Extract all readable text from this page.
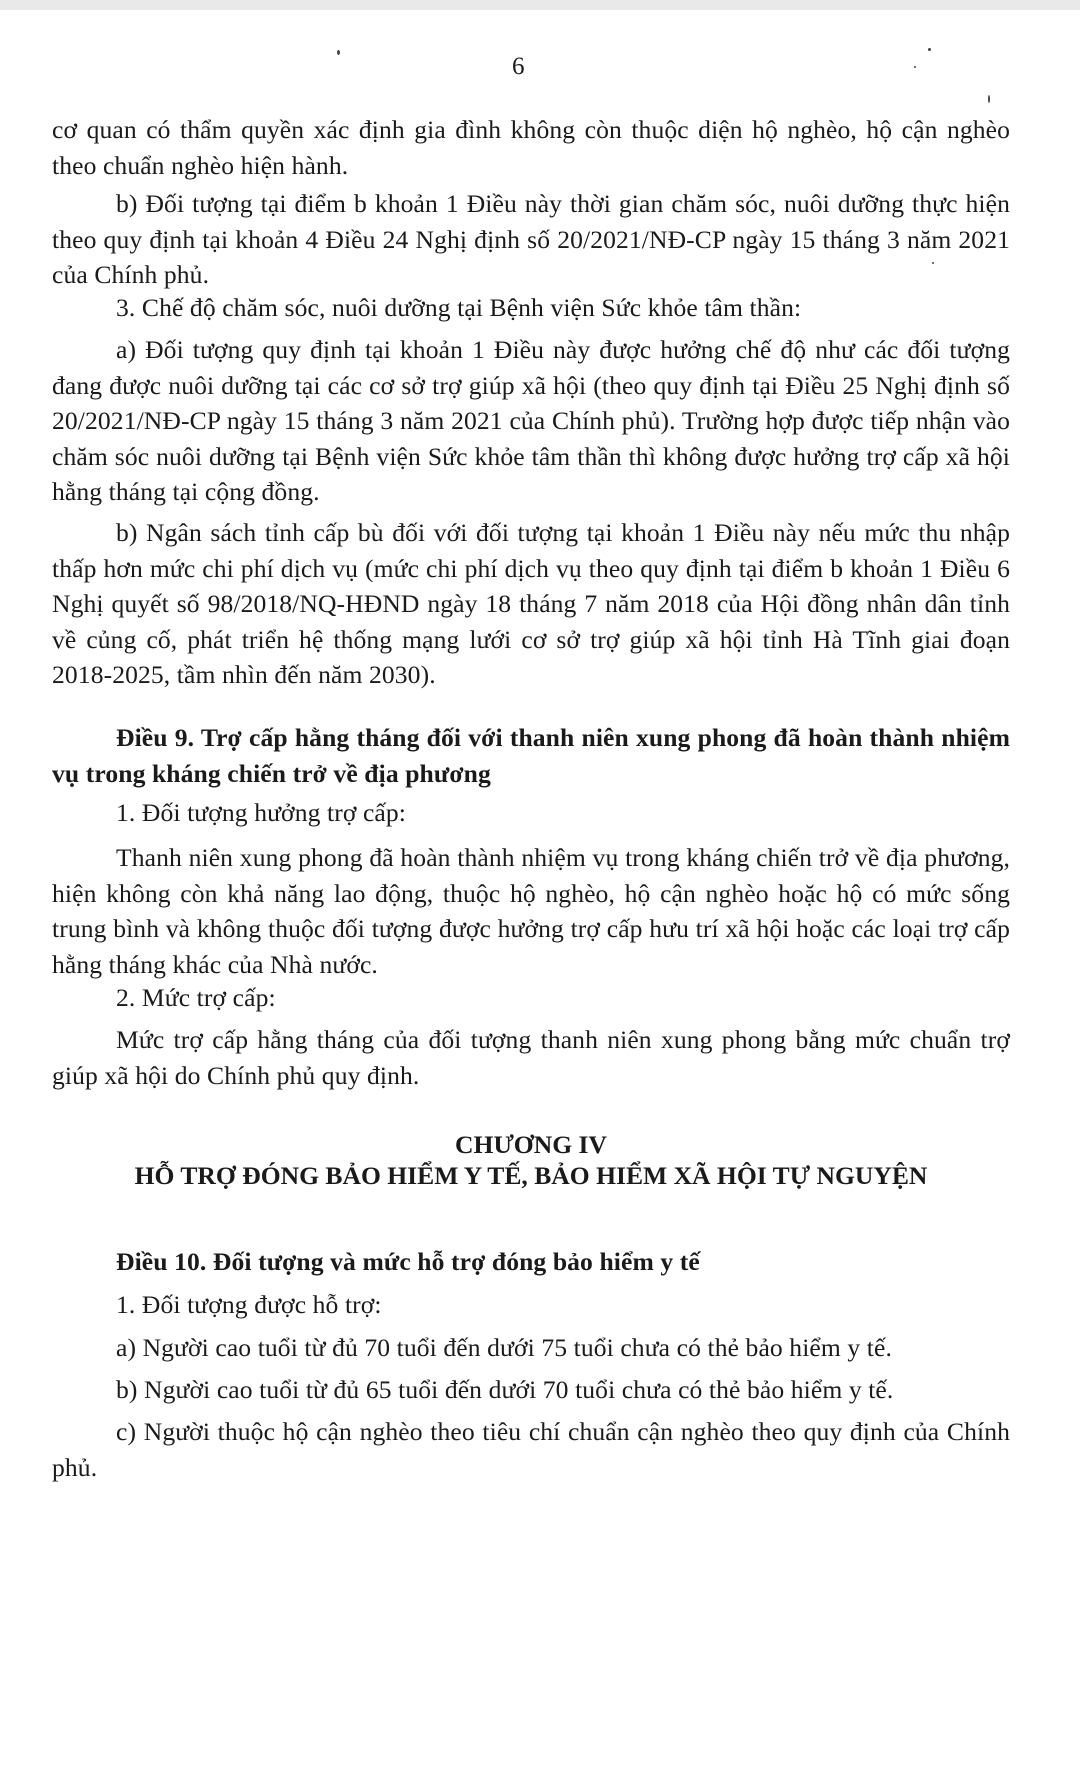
6
cơ quan có thẩm quyền xác định gia đình không còn thuộc diện hộ nghèo, hộ cận nghèo theo chuẩn nghèo hiện hành.
b) Đối tượng tại điểm b khoản 1 Điều này thời gian chăm sóc, nuôi dưỡng thực hiện theo quy định tại khoản 4 Điều 24 Nghị định số 20/2021/NĐ-CP ngày 15 tháng 3 năm 2021 của Chính phủ.
3. Chế độ chăm sóc, nuôi dưỡng tại Bệnh viện Sức khỏe tâm thần:
a) Đối tượng quy định tại khoản 1 Điều này được hưởng chế độ như các đối tượng đang được nuôi dưỡng tại các cơ sở trợ giúp xã hội (theo quy định tại Điều 25 Nghị định số 20/2021/NĐ-CP ngày 15 tháng 3 năm 2021 của Chính phủ). Trường hợp được tiếp nhận vào chăm sóc nuôi dưỡng tại Bệnh viện Sức khỏe tâm thần thì không được hưởng trợ cấp xã hội hằng tháng tại cộng đồng.
b) Ngân sách tỉnh cấp bù đối với đối tượng tại khoản 1 Điều này nếu mức thu nhập thấp hơn mức chi phí dịch vụ (mức chi phí dịch vụ theo quy định tại điểm b khoản 1 Điều 6 Nghị quyết số 98/2018/NQ-HĐND ngày 18 tháng 7 năm 2018 của Hội đồng nhân dân tỉnh về củng cố, phát triển hệ thống mạng lưới cơ sở trợ giúp xã hội tỉnh Hà Tĩnh giai đoạn 2018-2025, tầm nhìn đến năm 2030).
Điều 9. Trợ cấp hằng tháng đối với thanh niên xung phong đã hoàn thành nhiệm vụ trong kháng chiến trở về địa phương
1. Đối tượng hưởng trợ cấp:
Thanh niên xung phong đã hoàn thành nhiệm vụ trong kháng chiến trở về địa phương, hiện không còn khả năng lao động, thuộc hộ nghèo, hộ cận nghèo hoặc hộ có mức sống trung bình và không thuộc đối tượng được hưởng trợ cấp hưu trí xã hội hoặc các loại trợ cấp hằng tháng khác của Nhà nước.
2. Mức trợ cấp:
Mức trợ cấp hằng tháng của đối tượng thanh niên xung phong bằng mức chuẩn trợ giúp xã hội do Chính phủ quy định.
CHƯƠNG IV
HỖ TRỢ ĐÓNG BẢO HIỂM Y TẾ, BẢO HIỂM XÃ HỘI TỰ NGUYỆN
Điều 10. Đối tượng và mức hỗ trợ đóng bảo hiểm y tế
1. Đối tượng được hỗ trợ:
a) Người cao tuổi từ đủ 70 tuổi đến dưới 75 tuổi chưa có thẻ bảo hiểm y tế.
b) Người cao tuổi từ đủ 65 tuổi đến dưới 70 tuổi chưa có thẻ bảo hiểm y tế.
c) Người thuộc hộ cận nghèo theo tiêu chí chuẩn cận nghèo theo quy định của Chính phủ.
